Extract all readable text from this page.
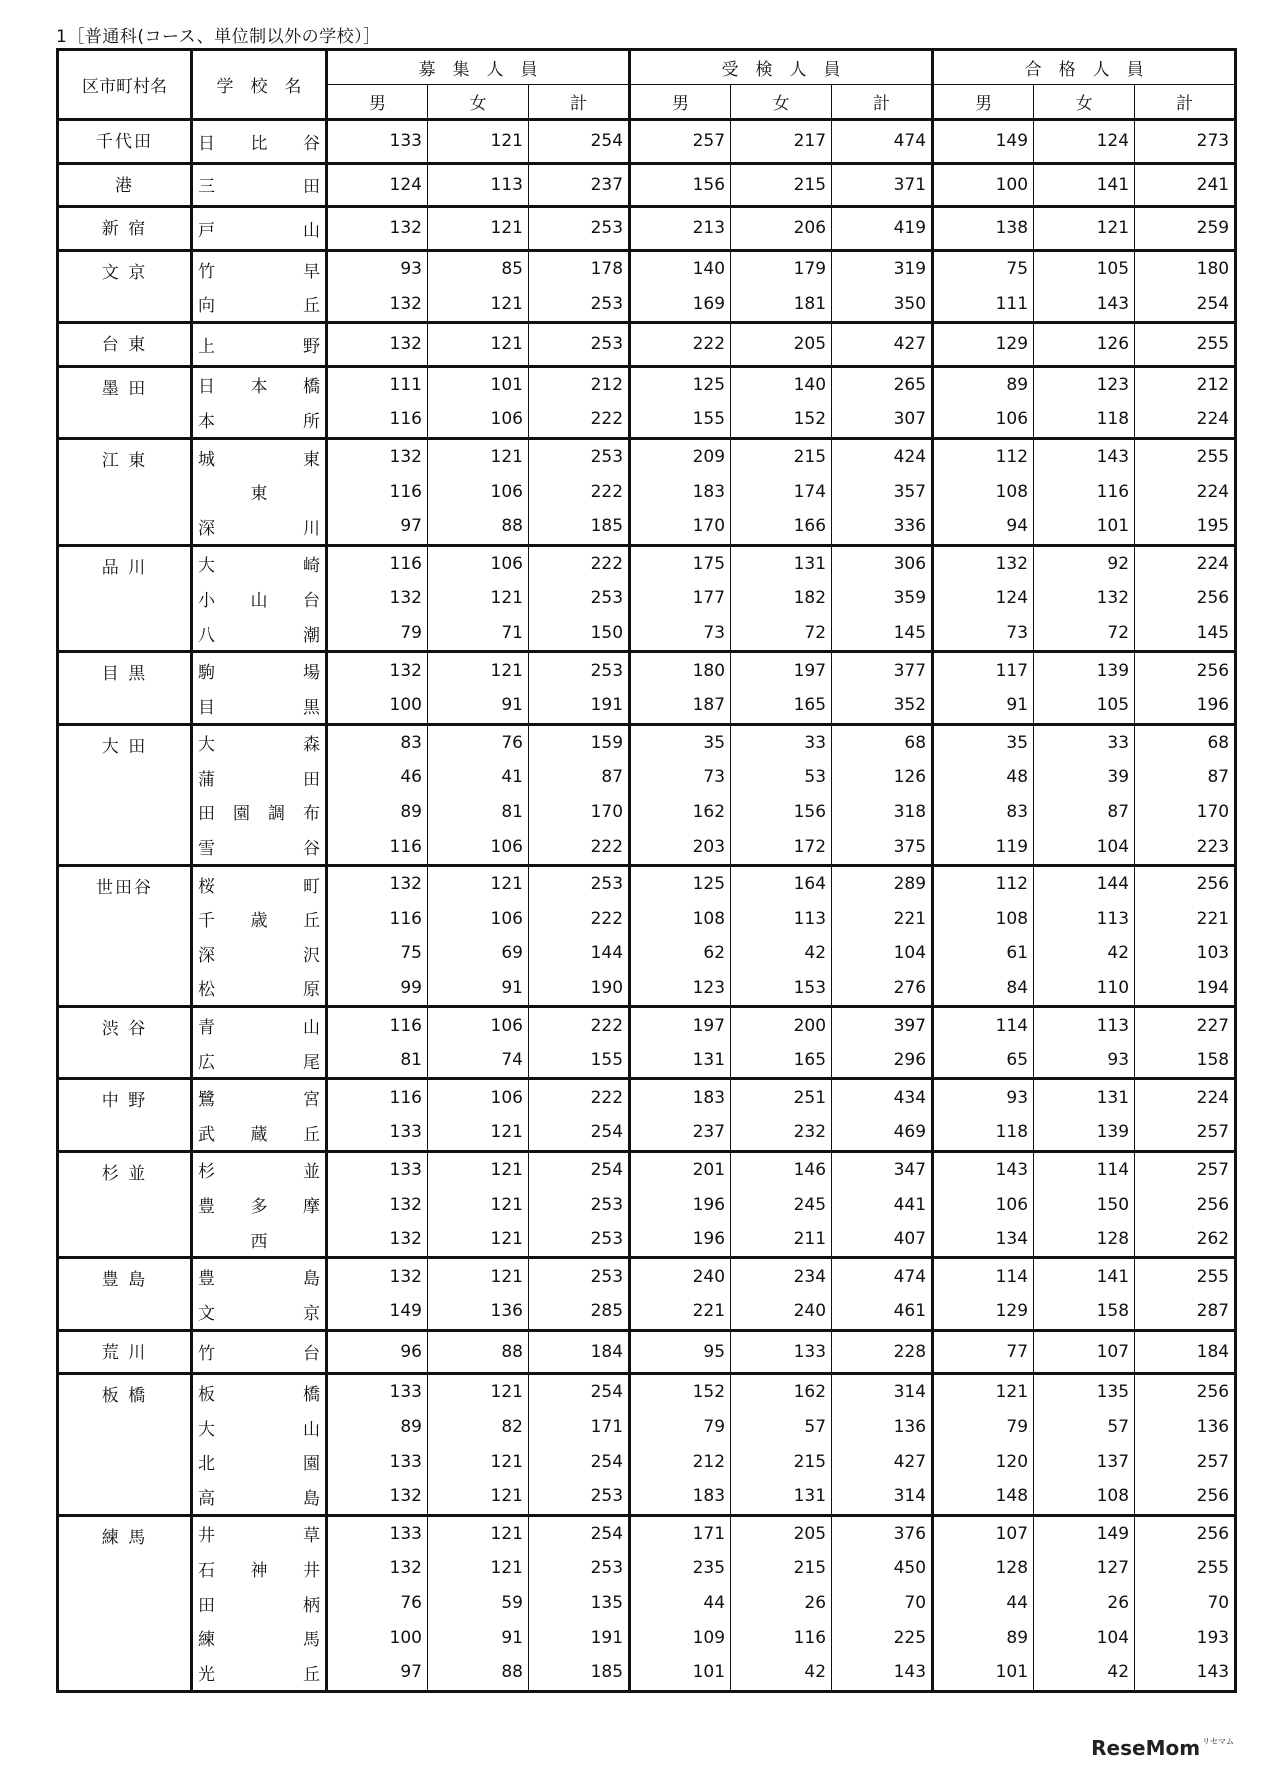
1［普通科(コース、単位制以外の学校）］
区市町村名	学　校　名	募　集　人　員			受　検　人　員			合　格　人　員		
		男	女	計	男	女	計	男	女	計
千代田	日比谷	133	121	254	257	217	474	149	124	273
港	三田	124	113	237	156	215	371	100	141	241
新 宿	戸山	132	121	253	213	206	419	138	121	259
文 京	竹早	93	85	178	140	179	319	75	105	180
	向丘	132	121	253	169	181	350	111	143	254
台 東	上野	132	121	253	222	205	427	129	126	255
墨 田	日本橋	111	101	212	125	140	265	89	123	212
	本所	116	106	222	155	152	307	106	118	224
江 東	城東	132	121	253	209	215	424	112	143	255
	東	116	106	222	183	174	357	108	116	224
	深川	97	88	185	170	166	336	94	101	195
品 川	大崎	116	106	222	175	131	306	132	92	224
	小山台	132	121	253	177	182	359	124	132	256
	八潮	79	71	150	73	72	145	73	72	145
目 黒	駒場	132	121	253	180	197	377	117	139	256
	目黒	100	91	191	187	165	352	91	105	196
大 田	大森	83	76	159	35	33	68	35	33	68
	蒲田	46	41	87	73	53	126	48	39	87
	田園調布	89	81	170	162	156	318	83	87	170
	雪谷	116	106	222	203	172	375	119	104	223
世田谷	桜町	132	121	253	125	164	289	112	144	256
	千歳丘	116	106	222	108	113	221	108	113	221
	深沢	75	69	144	62	42	104	61	42	103
	松原	99	91	190	123	153	276	84	110	194
渋 谷	青山	116	106	222	197	200	397	114	113	227
	広尾	81	74	155	131	165	296	65	93	158
中 野	鷺宮	116	106	222	183	251	434	93	131	224
	武蔵丘	133	121	254	237	232	469	118	139	257
杉 並	杉並	133	121	254	201	146	347	143	114	257
	豊多摩	132	121	253	196	245	441	106	150	256
	西	132	121	253	196	211	407	134	128	262
豊 島	豊島	132	121	253	240	234	474	114	141	255
	文京	149	136	285	221	240	461	129	158	287
荒 川	竹台	96	88	184	95	133	228	77	107	184
板 橋	板橋	133	121	254	152	162	314	121	135	256
	大山	89	82	171	79	57	136	79	57	136
	北園	133	121	254	212	215	427	120	137	257
	高島	132	121	253	183	131	314	148	108	256
練 馬	井草	133	121	254	171	205	376	107	149	256
	石神井	132	121	253	235	215	450	128	127	255
	田柄	76	59	135	44	26	70	44	26	70
	練馬	100	91	191	109	116	225	89	104	193
	光丘	97	88	185	101	42	143	101	42	143
ReseMom $^{リセマム}$
